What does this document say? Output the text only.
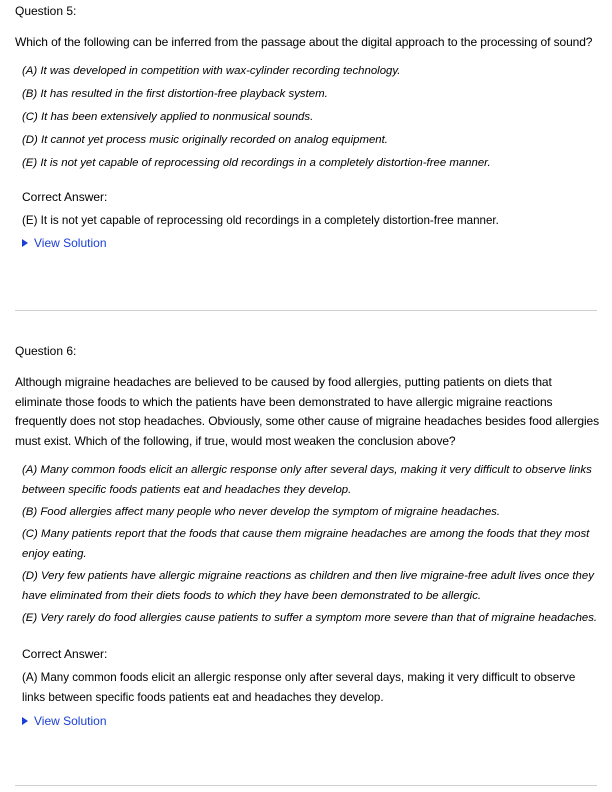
Question 5:

Which of the following can be inferred from the passage about the digital approach to the processing of sound?

(A) It was developed in competition with wax-cylinder recording technology.
(B) It has resulted in the first distortion-free playback system.
(C) It has been extensively applied to nonmusical sounds.
(D) It cannot yet process music originally recorded on analog equipment.
(E) It is not yet capable of reprocessing old recordings in a completely distortion-free manner.

Correct Answer:

(E) It is not yet capable of reprocessing old recordings in a completely distortion-free manner.

View Solution

Question 6:

Although migraine headaches are believed to be caused by food allergies, putting patients on diets that eliminate those foods to which the patients have been demonstrated to have allergic migraine reactions frequently does not stop headaches. Obviously, some other cause of migraine headaches besides food allergies must exist. Which of the following, if true, would most weaken the conclusion above?

(A) Many common foods elicit an allergic response only after several days, making it very difficult to observe links between specific foods patients eat and headaches they develop.
(B) Food allergies affect many people who never develop the symptom of migraine headaches.
(C) Many patients report that the foods that cause them migraine headaches are among the foods that they most enjoy eating.
(D) Very few patients have allergic migraine reactions as children and then live migraine-free adult lives once they have eliminated from their diets foods to which they have been demonstrated to be allergic.
(E) Very rarely do food allergies cause patients to suffer a symptom more severe than that of migraine headaches.

Correct Answer:

(A) Many common foods elicit an allergic response only after several days, making it very difficult to observe links between specific foods patients eat and headaches they develop.

View Solution
